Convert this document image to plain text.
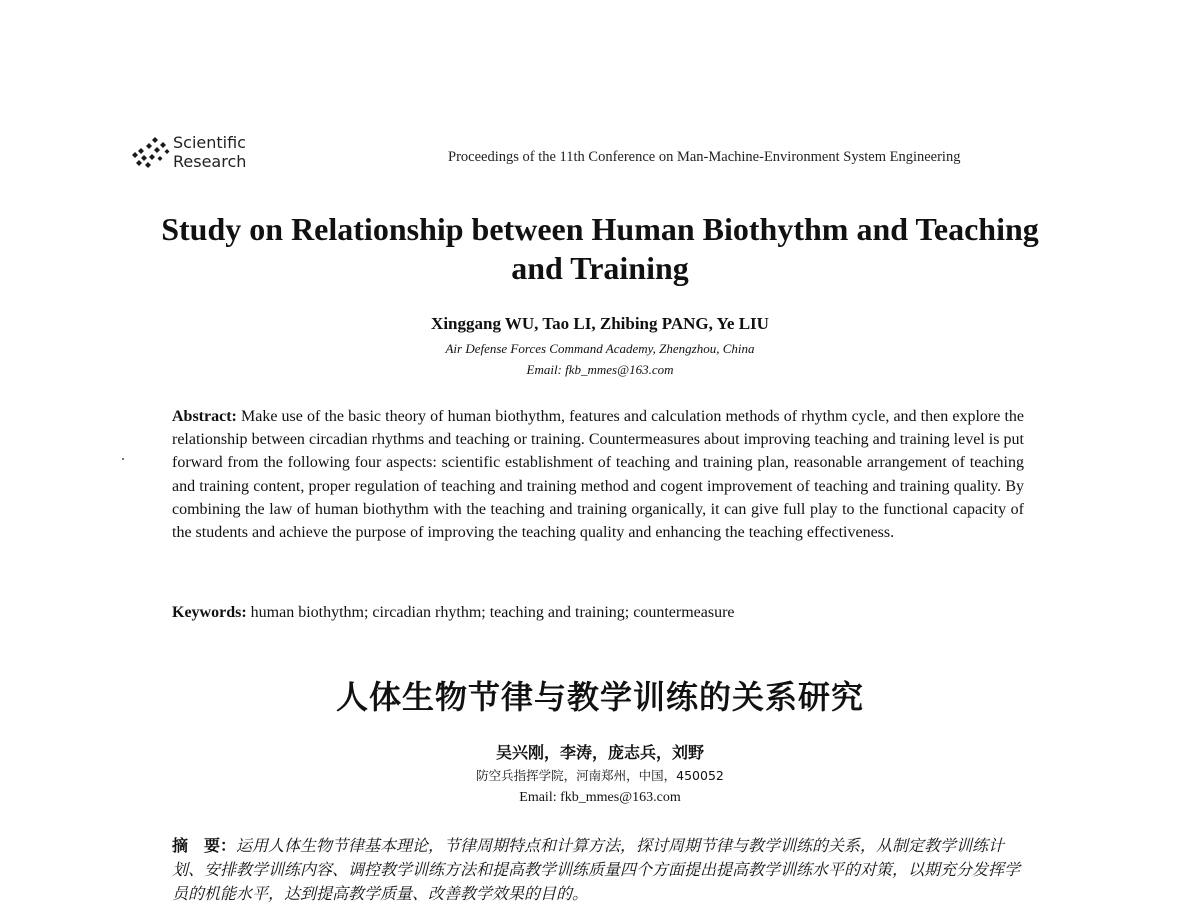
Scientific
Research	Proceedings of the 11th Conference on Man-Machine-Environment System Engineering
Study on Relationship between Human Biothythm and Teaching and Training
Xinggang WU, Tao LI, Zhibing PANG, Ye LIU
Air Defense Forces Command Academy, Zhengzhou, China
Email: fkb_mmes@163.com

Abstract: Make use of the basic theory of human biothythm, features and calculation methods of rhythm cycle, and then explore the relationship between circadian rhythms and teaching or training. Countermeasures about improving teaching and training level is put forward from the following four aspects: scientific establishment of teaching and training plan, reasonable arrangement of teaching and training content, proper regulation of teaching and training method and cogent improvement of teaching and training quality. By combining the law of human biothythm with the teaching and training organically, it can give full play to the functional capacity of the students and achieve the purpose of improving the teaching quality and enhancing the teaching effectiveness.

Keywords: human biothythm; circadian rhythm; teaching and training; countermeasure
人体生物节律与教学训练的关系研究
吴兴刚，李涛，庞志兵，刘野
防空兵指挥学院，河南郑州，中国，450052
Email: fkb_mmes@163.com

摘　要：运用人体生物节律基本理论，节律周期特点和计算方法，探讨周期节律与教学训练的关系，从制定教学训练计划、安排教学训练内容、调控教学训练方法和提高教学训练质量四个方面提出提高教学训练水平的对策，以期充分发挥学员的机能水平，达到提高教学质量、改善教学效果的目的。
